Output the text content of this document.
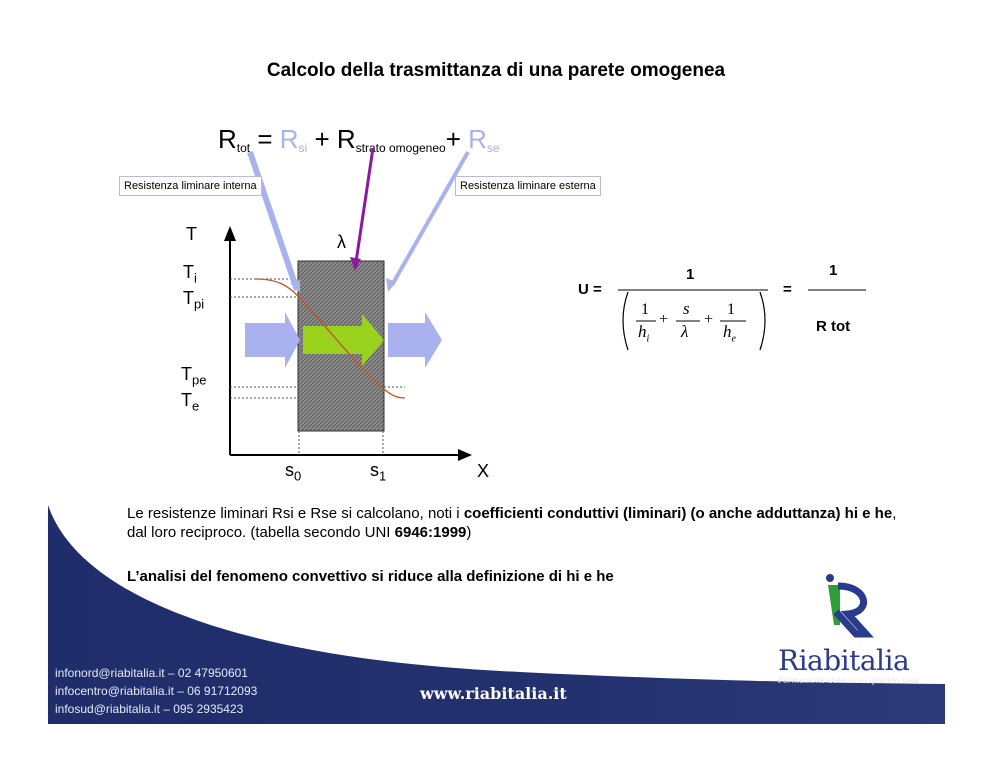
Calcolo della trasmittanza di una parete omogenea
Rtot = Rsi + Rstrato omogeneo+ Rse
Resistenza liminare interna	Resistenza liminare esterna
T
X
λ
$T_i$
$T_{pi}$
$T_{pe}$
$T_e$
$s_0$	$s_1$
U =
1
1
$h_i$
+
s
λ
+
1
$h_e$
=
1
R tot
Le resistenze liminari Rsi e Rse si calcolano, noti i coefficienti conduttivi (liminari) (o anche adduttanza) hi e he, dal loro reciproco. (tabella secondo UNI 6946:1999)
L’analisi del fenomeno convettivo si riduce alla definizione di hi e he
infonord@riabitalia.it – 02 47950601
infocentro@riabitalia.it – 06 91712093
infosud@riabitalia.it – 095 2935423
www.riabitalia.it
Riabitalia
Formazione dove vuoi quando vuoi
